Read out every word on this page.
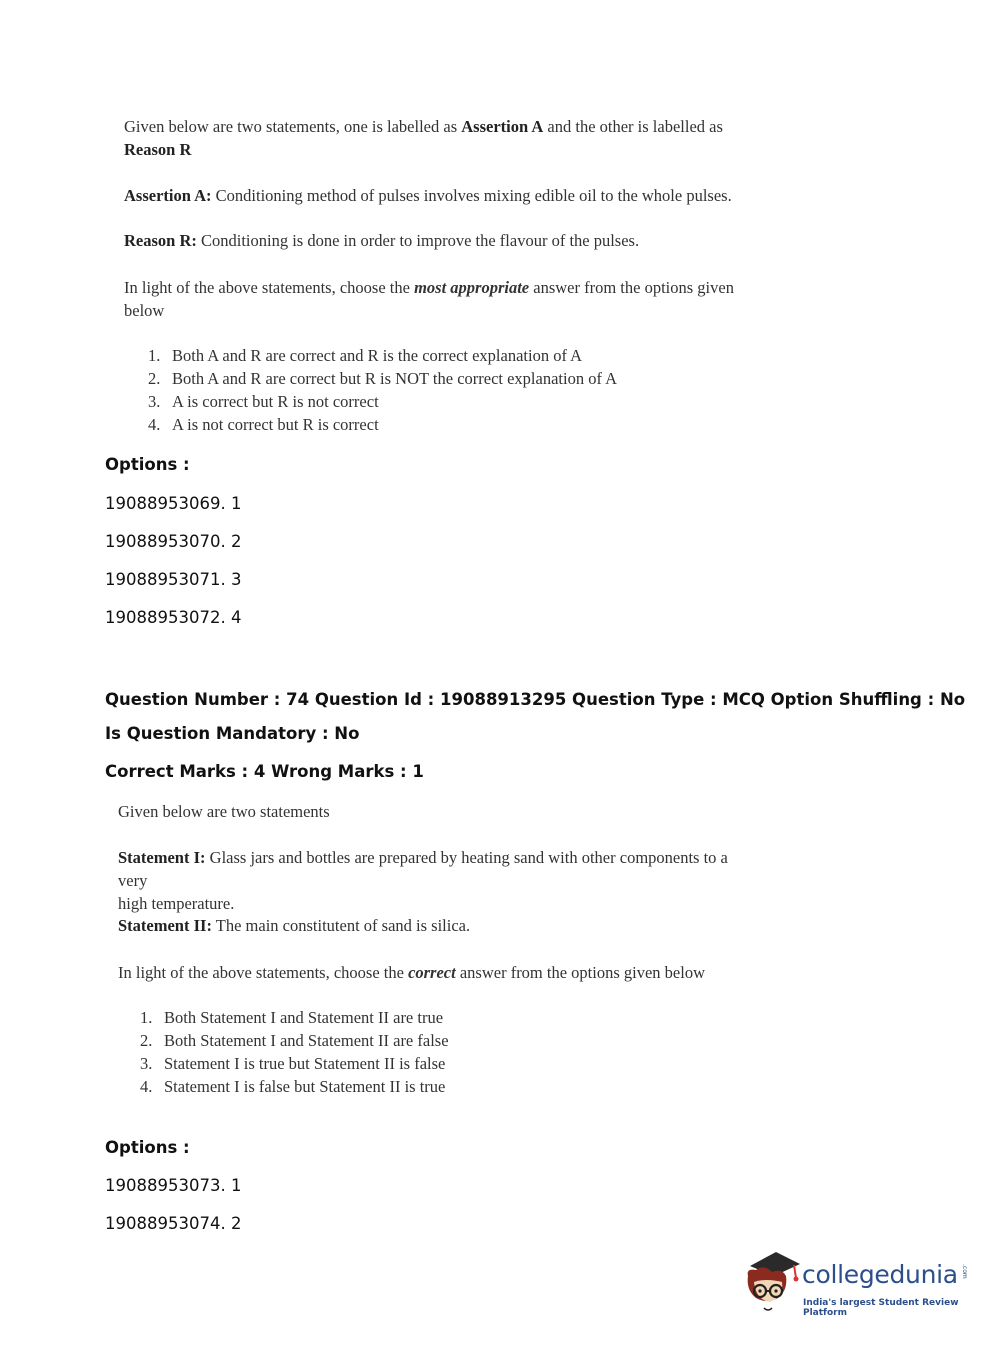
Given below are two statements, one is labelled as Assertion A and the other is labelled as
Reason R
Assertion A: Conditioning method of pulses involves mixing edible oil to the whole pulses.
Reason R: Conditioning is done in order to improve the flavour of the pulses.
In light of the above statements, choose the most appropriate answer from the options given
below
1. Both A and R are correct and R is the correct explanation of A
2. Both A and R are correct but R is NOT the correct explanation of A
3. A is correct but R is not correct
4. A is not correct but R is correct
Options :
19088953069. 1
19088953070. 2
19088953071. 3
19088953072. 4
Question Number : 74 Question Id : 19088913295 Question Type : MCQ Option Shuffling : No
Is Question Mandatory : No
Correct Marks : 4 Wrong Marks : 1
Given below are two statements
Statement I: Glass jars and bottles are prepared by heating sand with other components to a very
high temperature.
Statement II: The main constitutent of sand is silica.
In light of the above statements, choose the correct answer from the options given below
1. Both Statement I and Statement II are true
2. Both Statement I and Statement II are false
3. Statement I is true but Statement II is false
4. Statement I is false but Statement II is true
Options :
19088953073. 1
19088953074. 2
collegedunia .com
India's largest Student Review Platform
